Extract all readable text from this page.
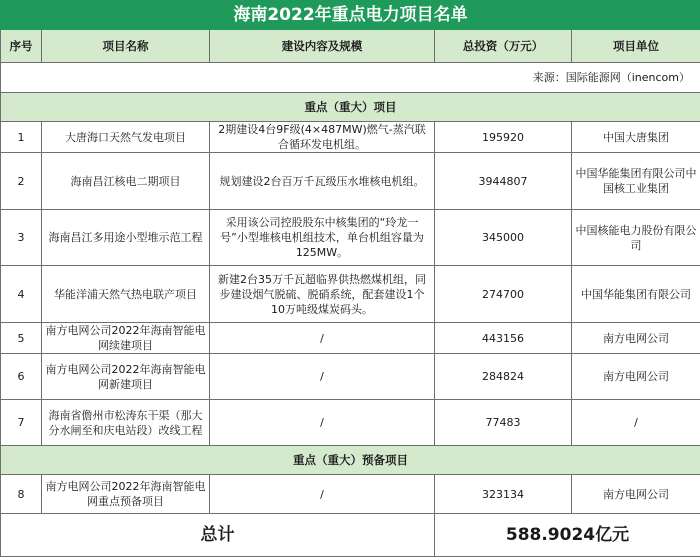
海南2022年重点电力项目名单				
序号	项目名称	建设内容及规模	总投资（万元）	项目单位
来源：国际能源网（inencom）				
重点（重大）项目				
1	大唐海口天然气发电项目	2期建设4台9F级(4×487MW)燃气-蒸汽联合循环发电机组。	195920	中国大唐集团
2	海南昌江核电二期项目	规划建设2台百万千瓦级压水堆核电机组。	3944807	中国华能集团有限公司中国核工业集团
3	海南昌江多用途小型堆示范工程	采用该公司控股股东中核集团的“玲龙一号”小型堆核电机组技术，单台机组容量为125MW。	345000	中国核能电力股份有限公司
4	华能洋浦天然气热电联产项目	新建2台35万千瓦超临界供热燃煤机组，同步建设烟气脱硫、脱硝系统，配套建设1个10万吨级煤炭码头。	274700	中国华能集团有限公司
5	南方电网公司2022年海南智能电网续建项目	/	443156	南方电网公司
6	南方电网公司2022年海南智能电网新建项目	/	284824	南方电网公司
7	海南省儋州市松涛东干渠（那大分水闸至和庆电站段）改线工程	/	77483	/
重点（重大）预备项目				
8	南方电网公司2022年海南智能电网重点预备项目	/	323134	南方电网公司
总计			588.9024亿元	
